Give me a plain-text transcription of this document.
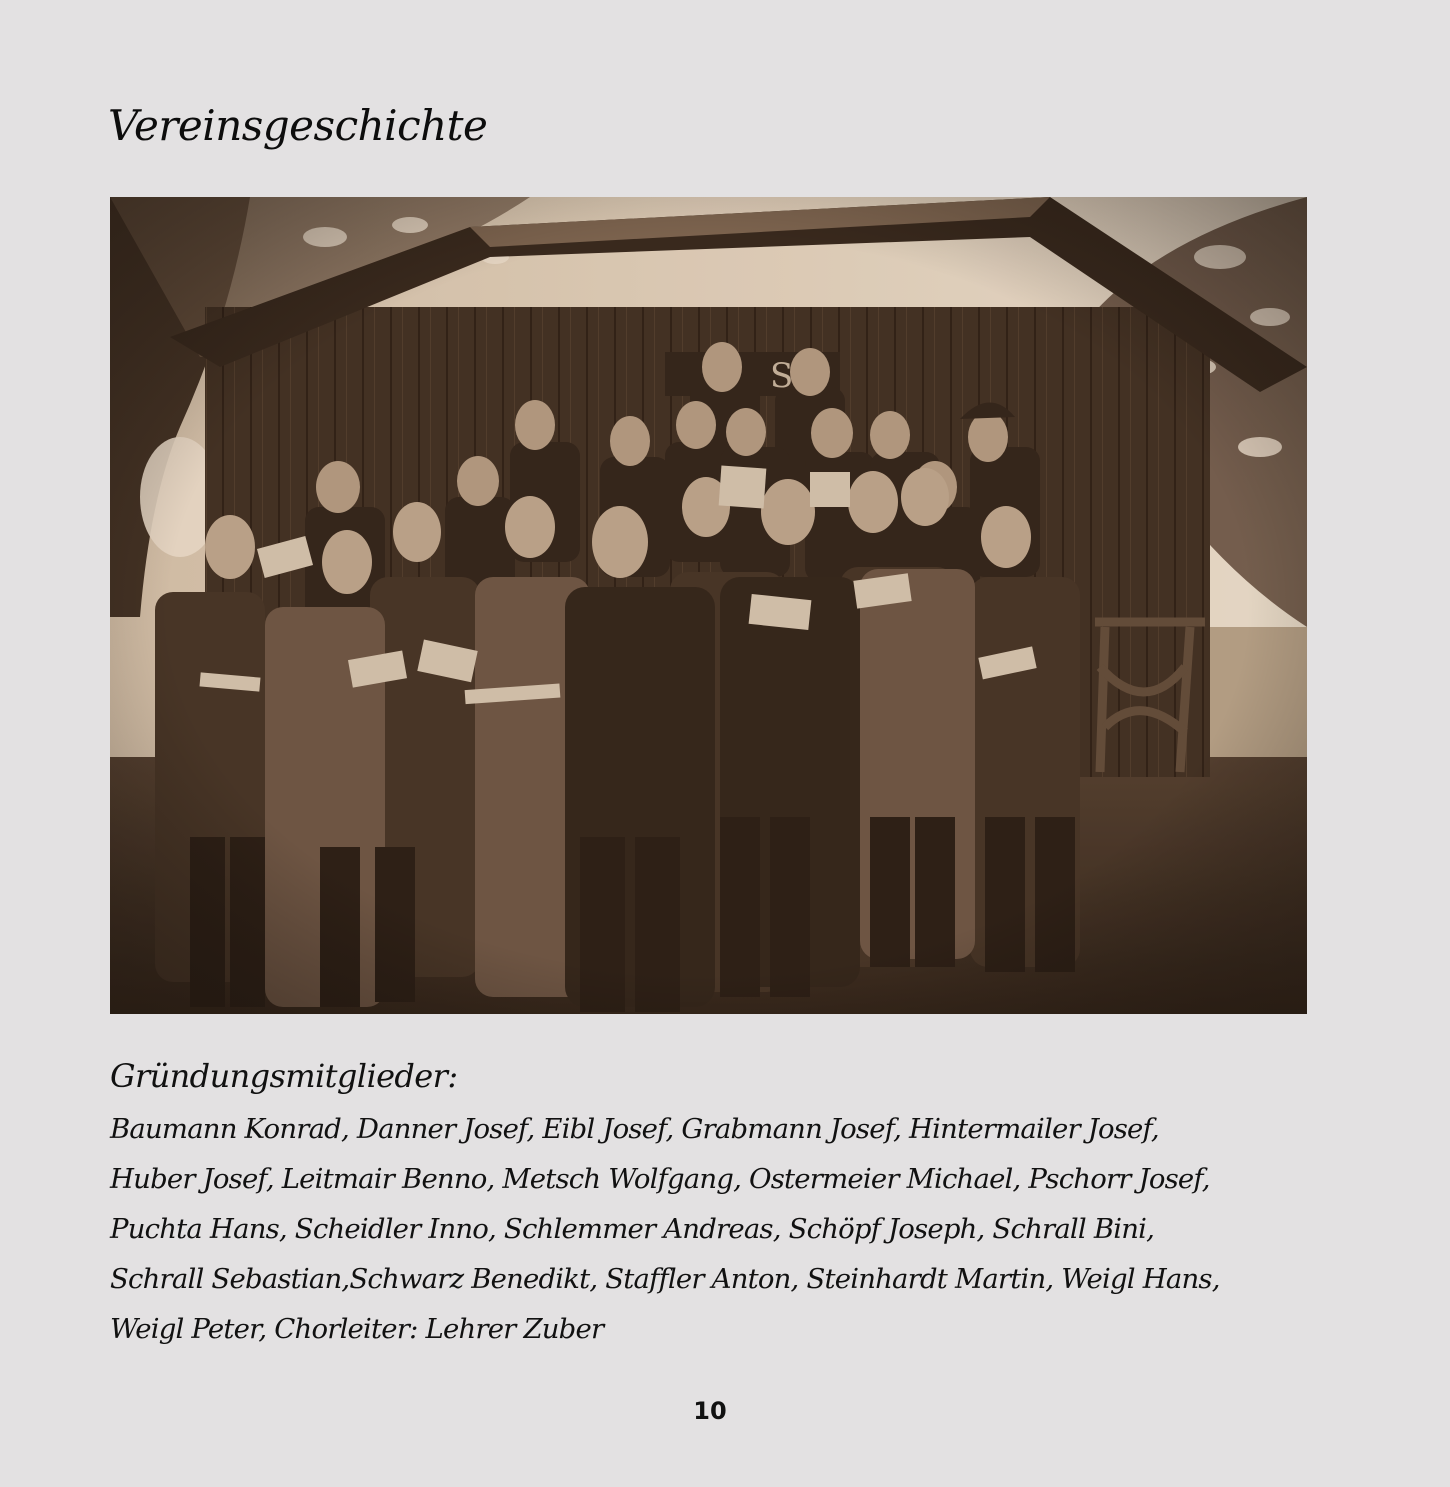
Vereinsgeschichte

Gründungsmitglieder:

Baumann Konrad, Danner Josef, Eibl Josef, Grabmann Josef, Hintermailer Josef,

Huber Josef, Leitmair Benno, Metsch Wolfgang, Ostermeier Michael, Pschorr Josef,

Puchta Hans, Scheidler Inno, Schlemmer Andreas, Schöpf Joseph, Schrall Bini,

Schrall Sebastian,Schwarz Benedikt, Staffler Anton, Steinhardt Martin, Weigl Hans,

Weigl Peter, Chorleiter: Lehrer Zuber

10
